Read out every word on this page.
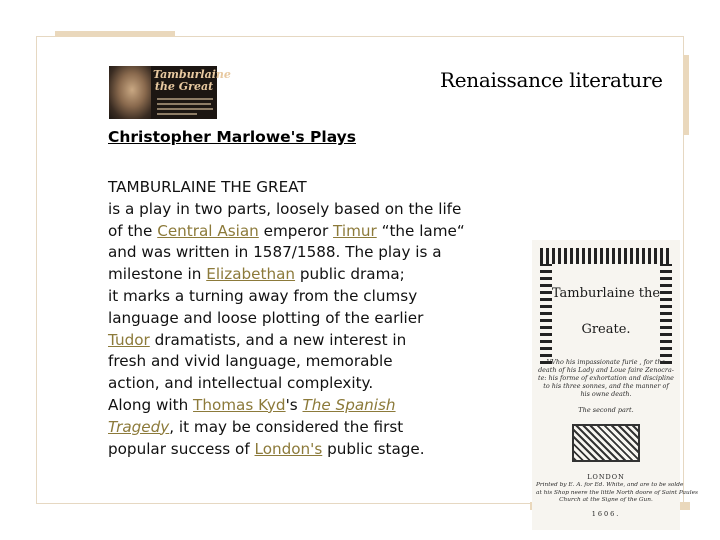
Tamburlaine
the Great	Renaissance literature
Christopher Marlowe's Plays
TAMBURLAINE THE GREAT
is a play in two parts, loosely based on the life
of the Central Asian emperor Timur “the lame“
and was written in 1587/1588. The play is a
milestone in Elizabethan public drama;
it marks a turning away from the clumsy
language and loose plotting of the earlier
Tudor dramatists, and a new interest in
fresh and vivid language, memorable
action, and intellectual complexity.
Along with Thomas Kyd's The Spanish
Tragedy, it may be considered the first
popular success of London's public stage.
Tamburlaine the
Greate.
VVho his impassionate furie , for the
death of his Lady and Loue faire Zenocra-
te: his forme of exhortation and discipline
to his three sonnes, and the manner of
his owne death.
The second part.
LONDON
Printed by E. A. for Ed. White, and are to be solde
at his Shop neere the little North doore of Saint Paules
Church at the Signe of the Gun.
1606.
